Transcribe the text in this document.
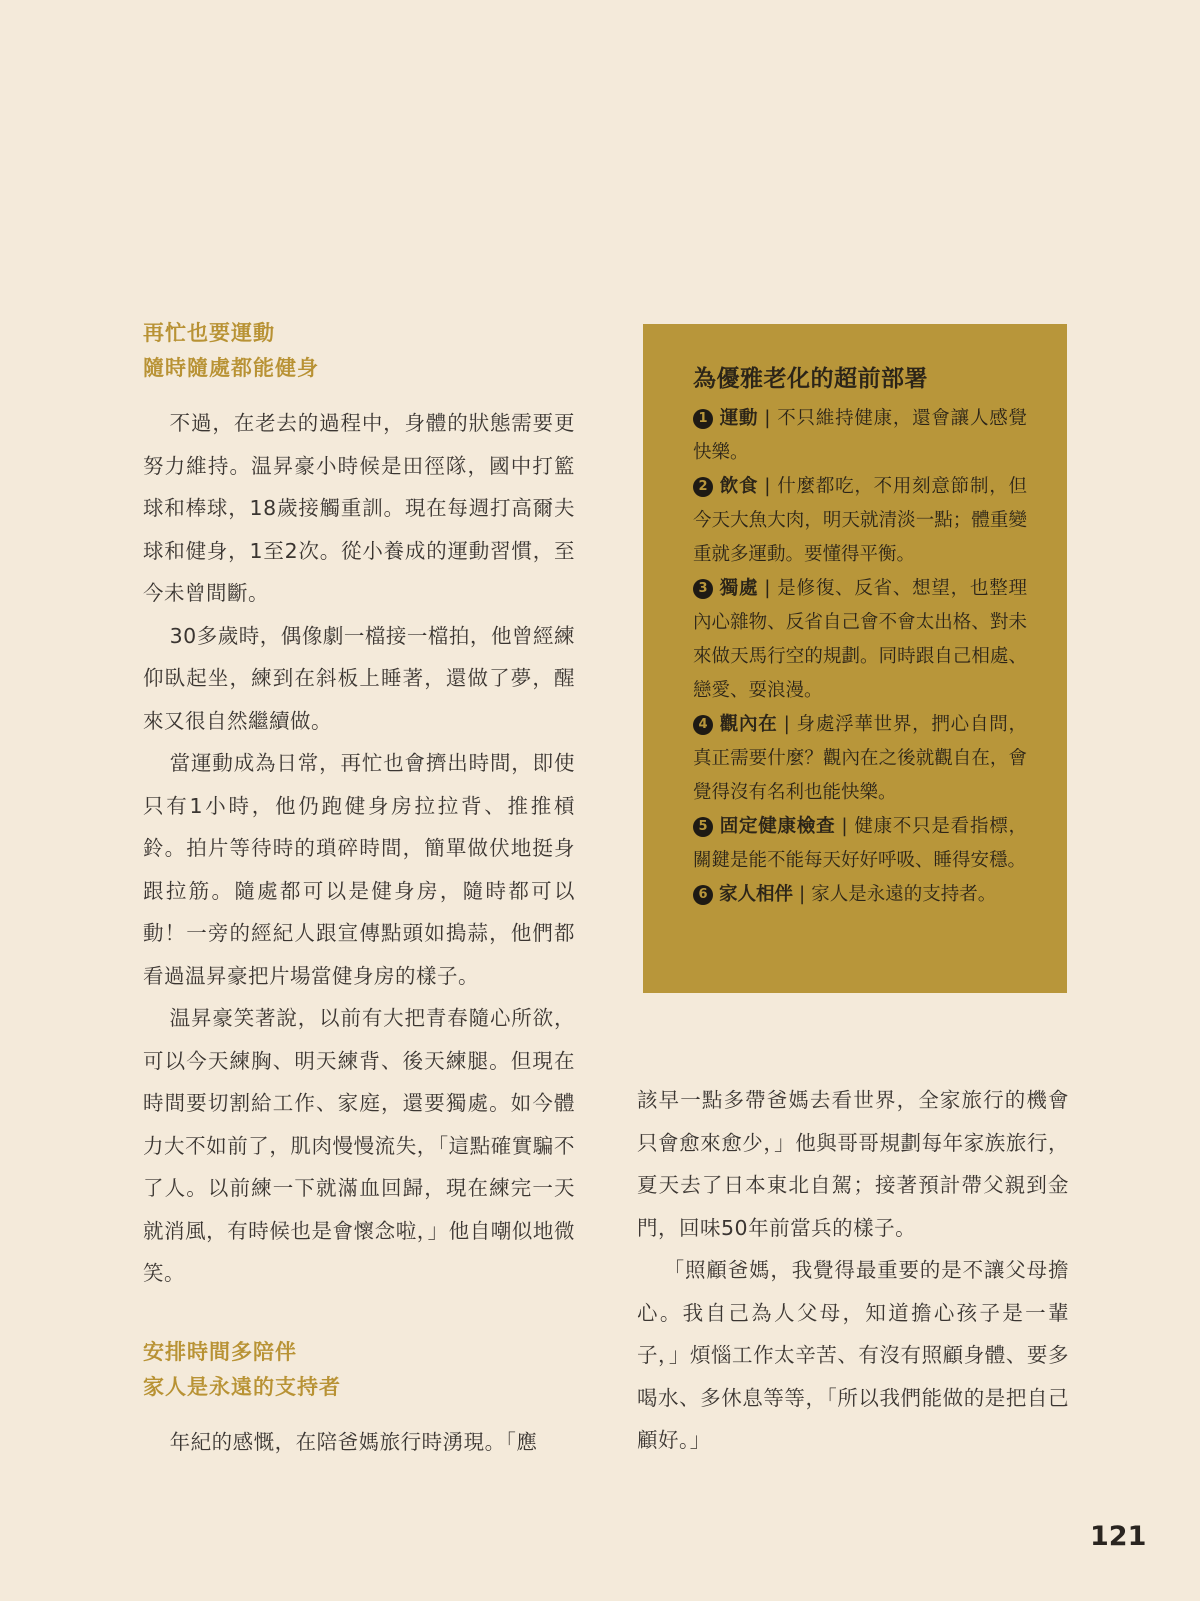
再忙也要運動
隨時隨處都能健身

不過，在老去的過程中，身體的狀態需要更努力維持。温昇豪小時候是田徑隊，國中打籃球和棒球，18歲接觸重訓。現在每週打高爾夫球和健身，1至2次。從小養成的運動習慣，至今未曾間斷。

30多歲時，偶像劇一檔接一檔拍，他曾經練仰臥起坐，練到在斜板上睡著，還做了夢，醒來又很自然繼續做。

當運動成為日常，再忙也會擠出時間，即使只有1小時，他仍跑健身房拉拉背、推推槓鈴。拍片等待時的瑣碎時間，簡單做伏地挺身跟拉筋。隨處都可以是健身房，隨時都可以動！一旁的經紀人跟宣傳點頭如搗蒜，他們都看過温昇豪把片場當健身房的樣子。

温昇豪笑著說，以前有大把青春隨心所欲，可以今天練胸、明天練背、後天練腿。但現在時間要切割給工作、家庭，還要獨處。如今體力大不如前了，肌肉慢慢流失，「這點確實騙不了人。以前練一下就滿血回歸，現在練完一天就消風，有時候也是會懷念啦，」他自嘲似地微笑。

安排時間多陪伴
家人是永遠的支持者

年紀的感慨，在陪爸媽旅行時湧現。「應

為優雅老化的超前部署
1 運動 | 不只維持健康，還會讓人感覺快樂。
2 飲食 | 什麼都吃，不用刻意節制，但今天大魚大肉，明天就清淡一點；體重變重就多運動。要懂得平衡。
3 獨處 | 是修復、反省、想望，也整理內心雜物、反省自己會不會太出格、對未來做天馬行空的規劃。同時跟自己相處、戀愛、耍浪漫。
4 觀內在 | 身處浮華世界，捫心自問，真正需要什麼？觀內在之後就觀自在，會覺得沒有名利也能快樂。
5 固定健康檢查 | 健康不只是看指標，關鍵是能不能每天好好呼吸、睡得安穩。
6 家人相伴 | 家人是永遠的支持者。

該早一點多帶爸媽去看世界，全家旅行的機會只會愈來愈少，」他與哥哥規劃每年家族旅行，夏天去了日本東北自駕；接著預計帶父親到金門，回味50年前當兵的樣子。

「照顧爸媽，我覺得最重要的是不讓父母擔心。我自己為人父母，知道擔心孩子是一輩子，」煩惱工作太辛苦、有沒有照顧身體、要多喝水、多休息等等，「所以我們能做的是把自己顧好。」

121
